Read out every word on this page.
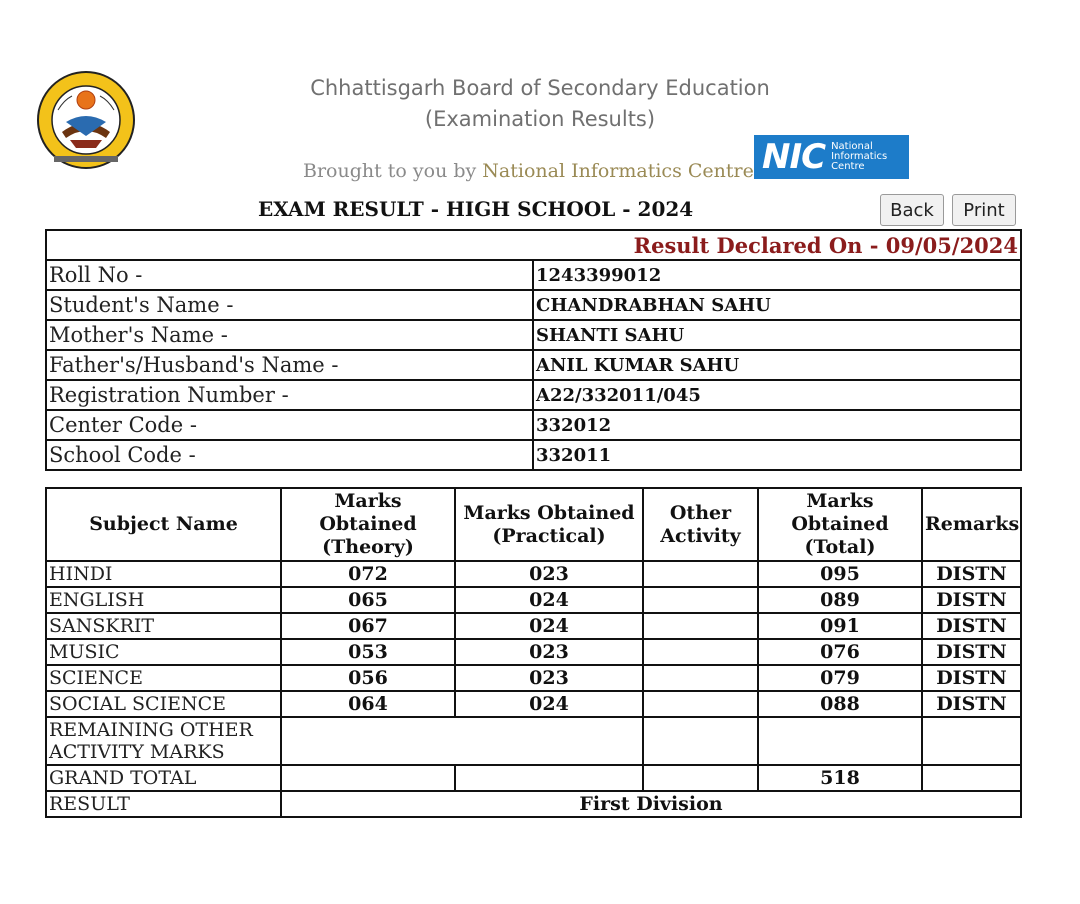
Chhattisgarh Board of Secondary Education
(Examination Results)
Brought to you by National Informatics Centre NIC National
Informatics
Centre
EXAM RESULT - HIGH SCHOOL - 2024	Back	Print
Result Declared On - 09/05/2024	
Roll No -	1243399012
Student's Name -	CHANDRABHAN SAHU
Mother's Name -	SHANTI SAHU
Father's/Husband's Name -	ANIL KUMAR SAHU
Registration Number -	A22/332011/045
Center Code -	332012
School Code -	332011
Subject Name	Marks Obtained (Theory)	Marks Obtained (Practical)	Other Activity	Marks Obtained (Total)	Remarks
HINDI	072	023		095	DISTN
ENGLISH	065	024		089	DISTN
SANSKRIT	067	024		091	DISTN
MUSIC	053	023		076	DISTN
SCIENCE	056	023		079	DISTN
SOCIAL SCIENCE	064	024		088	DISTN
REMAINING OTHER ACTIVITY MARKS					
GRAND TOTAL				518	
RESULT	First Division				
